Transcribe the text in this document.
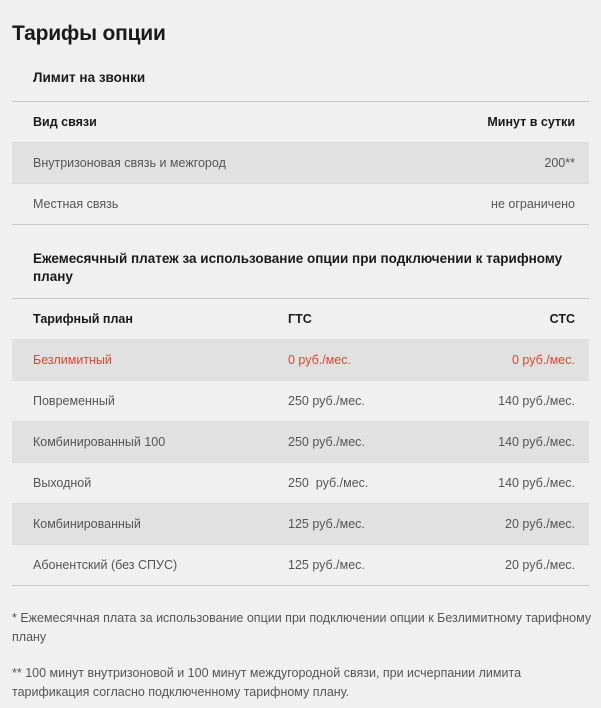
Тарифы опции
Лимит на звонки
Вид связи	Минут в сутки
Внутризоновая связь и межгород	200**
Местная связь	не ограничено
Ежемесячный платеж за использование опции при подключении к тарифному плану
Тарифный план	ГТС	СТС
Безлимитный	0 руб./мес.	0 руб./мес.
Повременный	250 руб./мес.	140 руб./мес.
Комбинированный 100	250 руб./мес.	140 руб./мес.
Выходной	250  руб./мес.	140 руб./мес.
Комбинированный	125 руб./мес.	20 руб./мес.
Абонентский (без СПУС)	125 руб./мес.	20 руб./мес.
* Ежемесячная плата за использование опции при подключении опции к Безлимитному тарифному плану
** 100 минут внутризоновой и 100 минут междугородной связи, при исчерпании лимита тарификация согласно подключенному тарифному плану.
